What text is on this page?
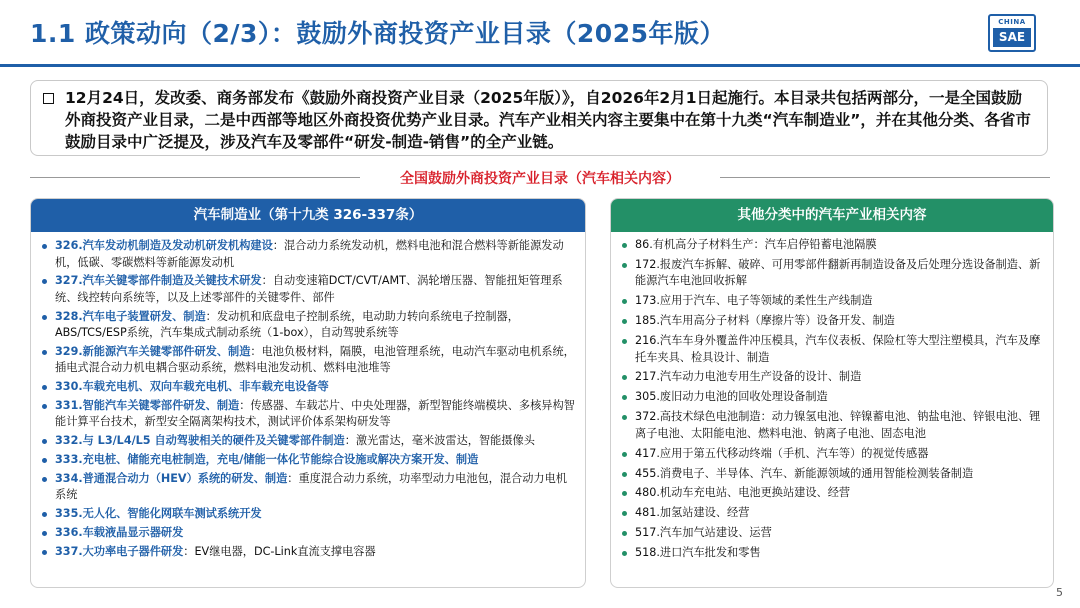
1.1 政策动向（2/3）：鼓励外商投资产业目录（2025年版）	CHINA
SAE
12月24日，发改委、商务部发布《鼓励外商投资产业目录（2025年版）》，自2026年2月1日起施行。本目录共包括两部分，一是全国鼓励外商投资产业目录，二是中西部等地区外商投资优势产业目录。汽车产业相关内容主要集中在第十九类“汽车制造业”，并在其他分类、各省市鼓励目录中广泛提及，涉及汽车及零部件“研发-制造-销售”的全产业链。
全国鼓励外商投资产业目录（汽车相关内容）
汽车制造业（第十九类 326-337条）
326.汽车发动机制造及发动机研发机构建设：混合动力系统发动机，燃料电池和混合燃料等新能源发动机，低碳、零碳燃料等新能源发动机
327.汽车关键零部件制造及关键技术研发：自动变速箱DCT/CVT/AMT、涡轮增压器、智能扭矩管理系统、线控转向系统等，以及上述零部件的关键零件、部件
328.汽车电子装置研发、制造：发动机和底盘电子控制系统，电动助力转向系统电子控制器，ABS/TCS/ESP系统，汽车集成式制动系统（1-box），自动驾驶系统等
329.新能源汽车关键零部件研发、制造：电池负极材料，隔膜，电池管理系统，电动汽车驱动电机系统，插电式混合动力机电耦合驱动系统，燃料电池发动机、燃料电池堆等
330.车载充电机、双向车载充电机、非车载充电设备等
331.智能汽车关键零部件研发、制造：传感器、车载芯片、中央处理器，新型智能终端模块、多核异构智能计算平台技术，新型安全隔离架构技术，测试评价体系架构研发等
332.与 L3/L4/L5 自动驾驶相关的硬件及关键零部件制造：激光雷达，毫米波雷达，智能摄像头
333.充电桩、储能充电桩制造，充电/储能一体化节能综合设施或解决方案开发、制造
334.普通混合动力（HEV）系统的研发、制造：重度混合动力系统，功率型动力电池包，混合动力电机系统
335.无人化、智能化网联车测试系统开发
336.车载液晶显示器研发
337.大功率电子器件研发：EV继电器，DC-Link直流支撑电容器
其他分类中的汽车产业相关内容
86.有机高分子材料生产：汽车启停铅蓄电池隔膜
172.报废汽车拆解、破碎、可用零部件翻新再制造设备及后处理分选设备制造、新能源汽车电池回收拆解
173.应用于汽车、电子等领域的柔性生产线制造
185.汽车用高分子材料（摩擦片等）设备开发、制造
216.汽车车身外覆盖件冲压模具，汽车仪表板、保险杠等大型注塑模具，汽车及摩托车夹具、检具设计、制造
217.汽车动力电池专用生产设备的设计、制造
305.废旧动力电池的回收处理设备制造
372.高技术绿色电池制造：动力镍氢电池、锌镍蓄电池、钠盐电池、锌银电池、锂离子电池、太阳能电池、燃料电池、钠离子电池、固态电池
417.应用于第五代移动终端（手机、汽车等）的视觉传感器
455.消费电子、半导体、汽车、新能源领域的通用智能检测装备制造
480.机动车充电站、电池更换站建设、经营
481.加氢站建设、经营
517.汽车加气站建设、运营
518.进口汽车批发和零售
5
